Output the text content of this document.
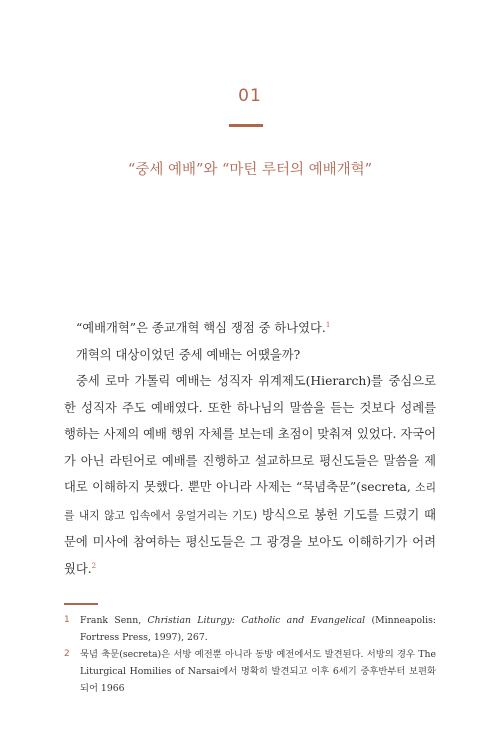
01
“중세 예배”와 “마틴 루터의 예배개혁”

“예배개혁”은 종교개혁 핵심 쟁점 중 하나였다.$^1$

개혁의 대상이었던 중세 예배는 어땠을까?

중세 로마 가톨릭 예배는 성직자 위계제도(Hierarch)를 중심으로 한 성직자 주도 예배였다. 또한 하나님의 말씀을 듣는 것보다 성례를 행하는 사제의 예배 행위 자체를 보는데 초점이 맞춰져 있었다. 자국어가 아닌 라틴어로 예배를 진행하고 설교하므로 평신도들은 말씀을 제대로 이해하지 못했다. 뿐만 아니라 사제는 “묵념축문”(secreta, 소리를 내지 않고 입속에서 웅얼거리는 기도) 방식으로 봉헌 기도를 드렸기 때문에 미사에 참여하는 평신도들은 그 광경을 보아도 이해하기가 어려웠다.$^2$

1	Frank Senn, Christian Liturgy: Catholic and Evangelical (Minneapolis: Fortress Press, 1997), 267.
2	묵념 축문(secreta)은 서방 예전뿐 아니라 동방 예전에서도 발견된다. 서방의 경우 The Liturgical Homilies of Narsai에서 명확히 발견되고 이후 6세기 중후반부터 보편화되어 1966
